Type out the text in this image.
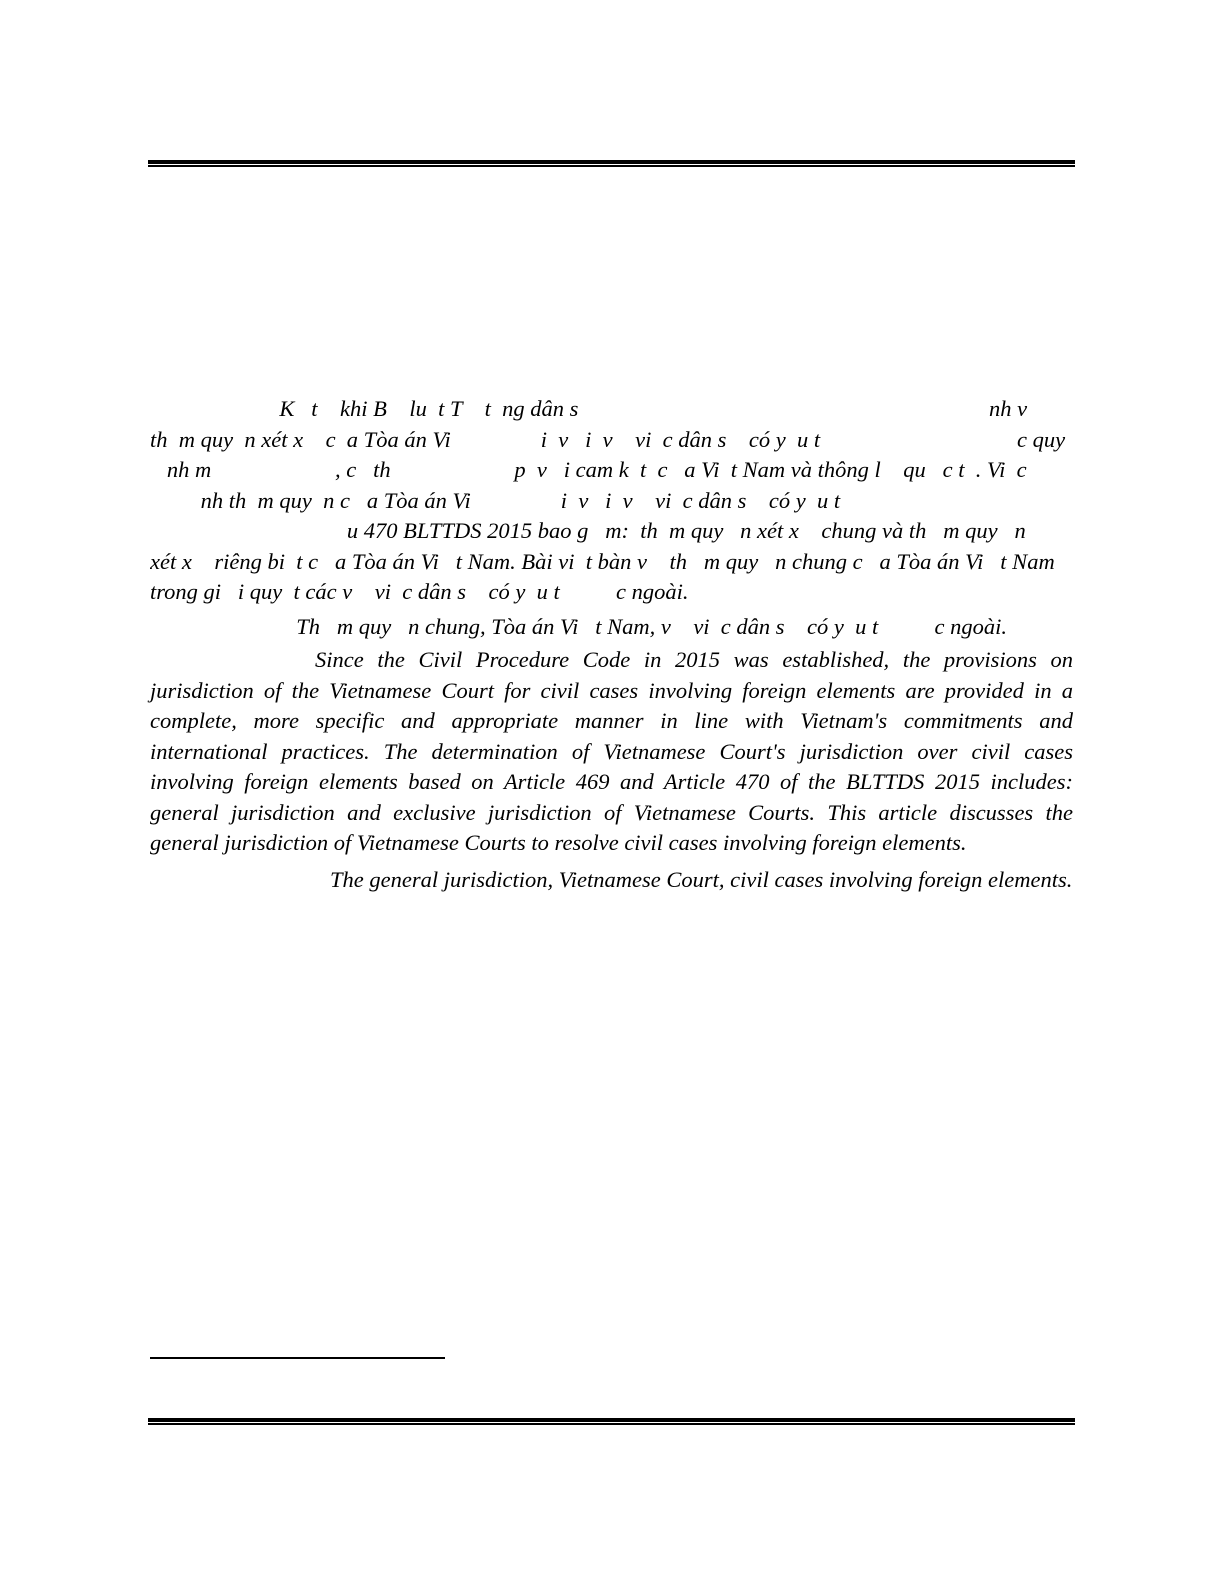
K   t    khi B    lu  t T    t  ng dân s                                                                         nh v
th  m quy  n xét x    c  a Tòa án Vi                i  v   i  v    vi  c dân s    có y  u t                                   c quy
nh m                      , c   th                      p  v   i cam k  t  c   a Vi  t Nam và thông l    qu   c t  . Vi  c
nh th  m quy  n c   a Tòa án Vi                i  v   i  v    vi  c dân s    có y  u t
u 470 BLTTDS 2015 bao g   m:  th  m quy   n xét x    chung và th   m quy   n
xét x    riêng bi  t c   a Tòa án Vi   t Nam. Bài vi  t bàn v    th   m quy   n chung c   a Tòa án Vi   t Nam
trong gi   i quy  t các v    vi  c dân s    có y  u t          c ngoài.
Th   m quy   n chung, Tòa án Vi   t Nam, v    vi  c dân s    có y  u t          c ngoài.
Since the Civil Procedure Code in 2015 was established, the provisions on jurisdiction of the Vietnamese Court for civil cases involving foreign elements are provided in a complete, more specific and appropriate manner in line with Vietnam's commitments and international practices. The determination of Vietnamese Court's jurisdiction over civil cases involving foreign elements based on Article 469 and Article 470 of the BLTTDS 2015 includes: general jurisdiction and exclusive jurisdiction of Vietnamese Courts. This article discusses the general jurisdiction of Vietnamese Courts to resolve civil cases involving foreign elements.
The general jurisdiction, Vietnamese Court, civil cases involving foreign elements.
